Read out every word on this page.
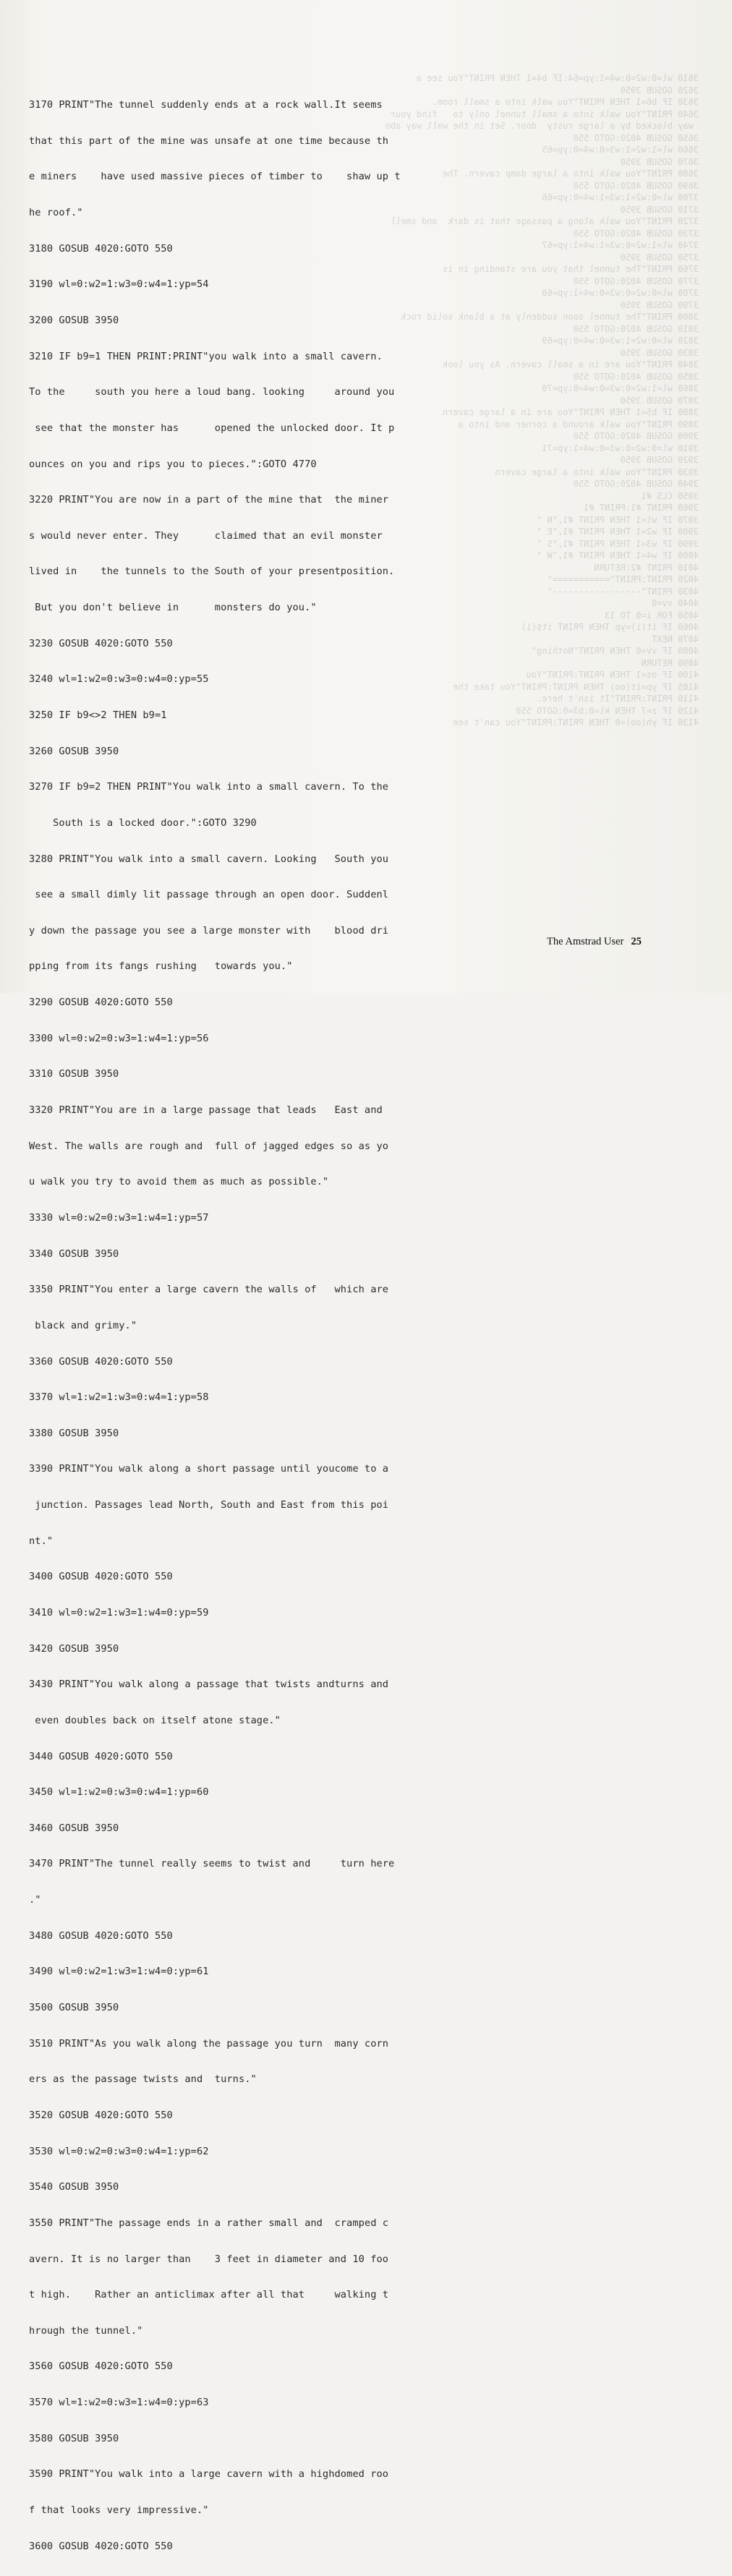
3610 wl=0:w2=0:w4=1:yp=64:IF b4=1 THEN PRINT"You see a
3620 GOSUB 3950
3630 IF b6=1 THEN PRINT"You walk into a small room.
3640 PRINT"You walk into a small tunnel only to   find your
way blocked by a large rusty  door. Set in the wall way abo
3650 GOSUB 4020:GOTO 550
3660 wl=1:w2=1:w3=0:w4=0:yp=65
3670 GOSUB 3950
3680 PRINT"You walk into a large damp cavern. The
3690 GOSUB 4020:GOTO 550
3700 wl=0:w2=1:w3=1:w4=0:yp=66
3710 GOSUB 3950
3720 PRINT"You walk along a passage that is dark  and smell
3730 GOSUB 4020:GOTO 550
3740 wl=1:w2=0:w3=1:w4=1:yp=67
3750 GOSUB 3950
3760 PRINT"The tunnel that you are standing in is
3770 GOSUB 4020:GOTO 550
3780 wl=0:w2=0:w3=0:w4=1:yp=68
3790 GOSUB 3950
3800 PRINT"The tunnel soon suddenly at a blank solid rock
3810 GOSUB 4020:GOTO 550
3820 wl=0:w2=1:w3=0:w4=0:yp=69
3830 GOSUB 3950
3840 PRINT"You are in a small cavern. As you look
3850 GOSUB 4020:GOTO 550
3860 wl=1:w2=0:w3=0:w4=0:yp=70
3870 GOSUB 3950
3880 IF b5=1 THEN PRINT"You are in a large cavern
3890 PRINT"You walk around a corner and into a
3900 GOSUB 4020:GOTO 550
3910 wl=0:w2=0:w3=0:w4=1:yp=71
3920 GOSUB 3950
3930 PRINT"You walk into a large cavern
3940 GOSUB 4020:GOTO 550
3950 CLS #1
3960 PRINT #1:PRINT #1
3970 IF wl=1 THEN PRINT #1,"N "
3980 IF w2=1 THEN PRINT #1,"E "
3990 IF w3=1 THEN PRINT #1,"S "
4000 IF w4=1 THEN PRINT #1,"W "
4010 PRINT #2:RETURN
4020 PRINT:PRINT"==========="
4030 PRINT"-----------------"
4040 vv=0
4050 FOR i=0 TO 13
4060 IF it(i)=yp THEN PRINT it$(i)
4070 NEXT
4080 IF vv=0 THEN PRINT"Nothing"
4090 RETURN
4100 IF os=1 THEN PRINT:PRINT"You
4105 IF yp=it(oo) THEN PRINT:PRINT"You take the
4110 PRINT:PRINT"It isn't here.
4120 IF z=7 THEN kl=0:b3=0:GOTO 550
4130 IF yh(oo)=0 THEN PRINT:PRINT"You can't see

3170 PRINT"The tunnel suddenly ends at a rock wall.It seems

that this part of the mine was unsafe at one time because th

e miners    have used massive pieces of timber to    shaw up t

he roof."

3180 GOSUB 4020:GOTO 550

3190 wl=0:w2=1:w3=0:w4=1:yp=54

3200 GOSUB 3950

3210 IF b9=1 THEN PRINT:PRINT"you walk into a small cavern.

To the     south you here a loud bang. looking     around you

see that the monster has      opened the unlocked door. It p

ounces on you and rips you to pieces.":GOTO 4770

3220 PRINT"You are now in a part of the mine that  the miner

s would never enter. They      claimed that an evil monster

lived in    the tunnels to the South of your presentposition.

But you don't believe in      monsters do you."

3230 GOSUB 4020:GOTO 550

3240 wl=1:w2=0:w3=0:w4=0:yp=55

3250 IF b9<>2 THEN b9=1

3260 GOSUB 3950

3270 IF b9=2 THEN PRINT"You walk into a small cavern. To the

South is a locked door.":GOTO 3290

3280 PRINT"You walk into a small cavern. Looking   South you

see a small dimly lit passage through an open door. Suddenl

y down the passage you see a large monster with    blood dri

pping from its fangs rushing   towards you."

3290 GOSUB 4020:GOTO 550

3300 wl=0:w2=0:w3=1:w4=1:yp=56

3310 GOSUB 3950

3320 PRINT"You are in a large passage that leads   East and

West. The walls are rough and  full of jagged edges so as yo

u walk you try to avoid them as much as possible."

3330 wl=0:w2=0:w3=1:w4=1:yp=57

3340 GOSUB 3950

3350 PRINT"You enter a large cavern the walls of   which are

black and grimy."

3360 GOSUB 4020:GOTO 550

3370 wl=1:w2=1:w3=0:w4=1:yp=58

3380 GOSUB 3950

3390 PRINT"You walk along a short passage until youcome to a

junction. Passages lead North, South and East from this poi

nt."

3400 GOSUB 4020:GOTO 550

3410 wl=0:w2=1:w3=1:w4=0:yp=59

3420 GOSUB 3950

3430 PRINT"You walk along a passage that twists andturns and

even doubles back on itself atone stage."

3440 GOSUB 4020:GOTO 550

3450 wl=1:w2=0:w3=0:w4=1:yp=60

3460 GOSUB 3950

3470 PRINT"The tunnel really seems to twist and     turn here

."

3480 GOSUB 4020:GOTO 550

3490 wl=0:w2=1:w3=1:w4=0:yp=61

3500 GOSUB 3950

3510 PRINT"As you walk along the passage you turn  many corn

ers as the passage twists and  turns."

3520 GOSUB 4020:GOTO 550

3530 wl=0:w2=0:w3=0:w4=1:yp=62

3540 GOSUB 3950

3550 PRINT"The passage ends in a rather small and  cramped c

avern. It is no larger than    3 feet in diameter and 10 foo

t high.    Rather an anticlimax after all that     walking t

hrough the tunnel."

3560 GOSUB 4020:GOTO 550

3570 wl=1:w2=0:w3=1:w4=0:yp=63

3580 GOSUB 3950

3590 PRINT"You walk into a large cavern with a highdomed roo

f that looks very impressive."

3600 GOSUB 4020:GOTO 550

The Amstrad User 25
